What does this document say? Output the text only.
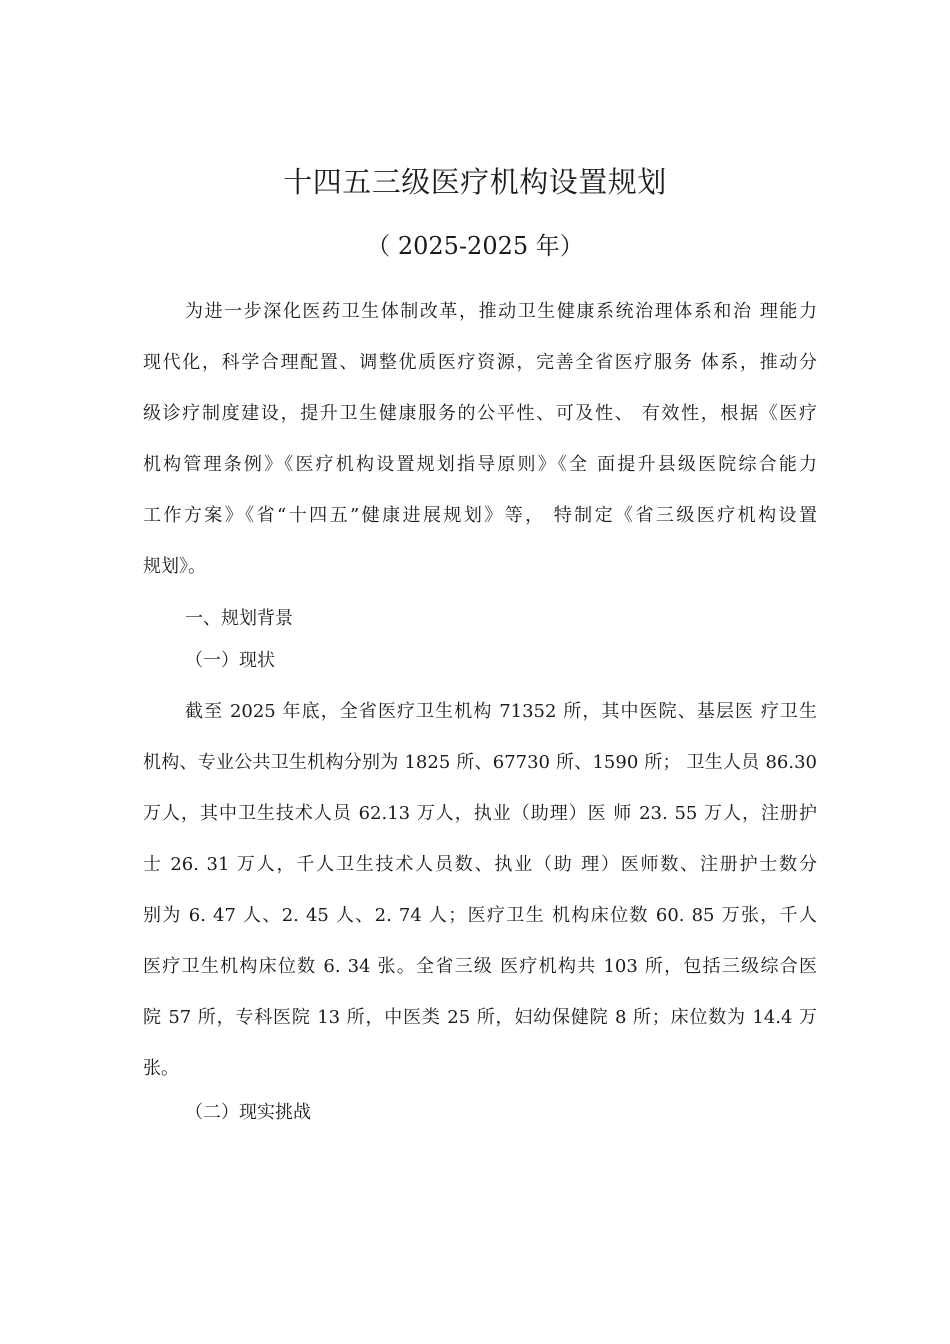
十四五三级医疗机构设置规划
（ 2025-2025 年）
为进一步深化医药卫生体制改革，推动卫生健康系统治理体系和治 理能力
现代化，科学合理配置、调整优质医疗资源，完善全省医疗服务 体系，推动分
级诊疗制度建设，提升卫生健康服务的公平性、可及性、 有效性，根据《医疗
机构管理条例》《医疗机构设置规划指导原则》《全 面提升县级医院综合能力
工作方案》《省“十四五”健康进展规划》等， 特制定《省三级医疗机构设置
规划》。
一、规划背景
（一）现状
截至 2025 年底，全省医疗卫生机构 71352 所，其中医院、基层医 疗卫生
机构、专业公共卫生机构分别为 1825 所、67730 所、1590 所； 卫生人员 86.30
万人，其中卫生技术人员 62.13 万人，执业（助理）医 师 23. 55 万人，注册护
士 26. 31 万人，千人卫生技术人员数、执业（助 理）医师数、注册护士数分
别为 6. 47 人、2. 45 人、2. 74 人；医疗卫生 机构床位数 60. 85 万张，千人
医疗卫生机构床位数 6. 34 张。全省三级 医疗机构共 103 所，包括三级综合医
院 57 所，专科医院 13 所，中医类 25 所，妇幼保健院 8 所；床位数为 14.4 万
张。
（二）现实挑战
